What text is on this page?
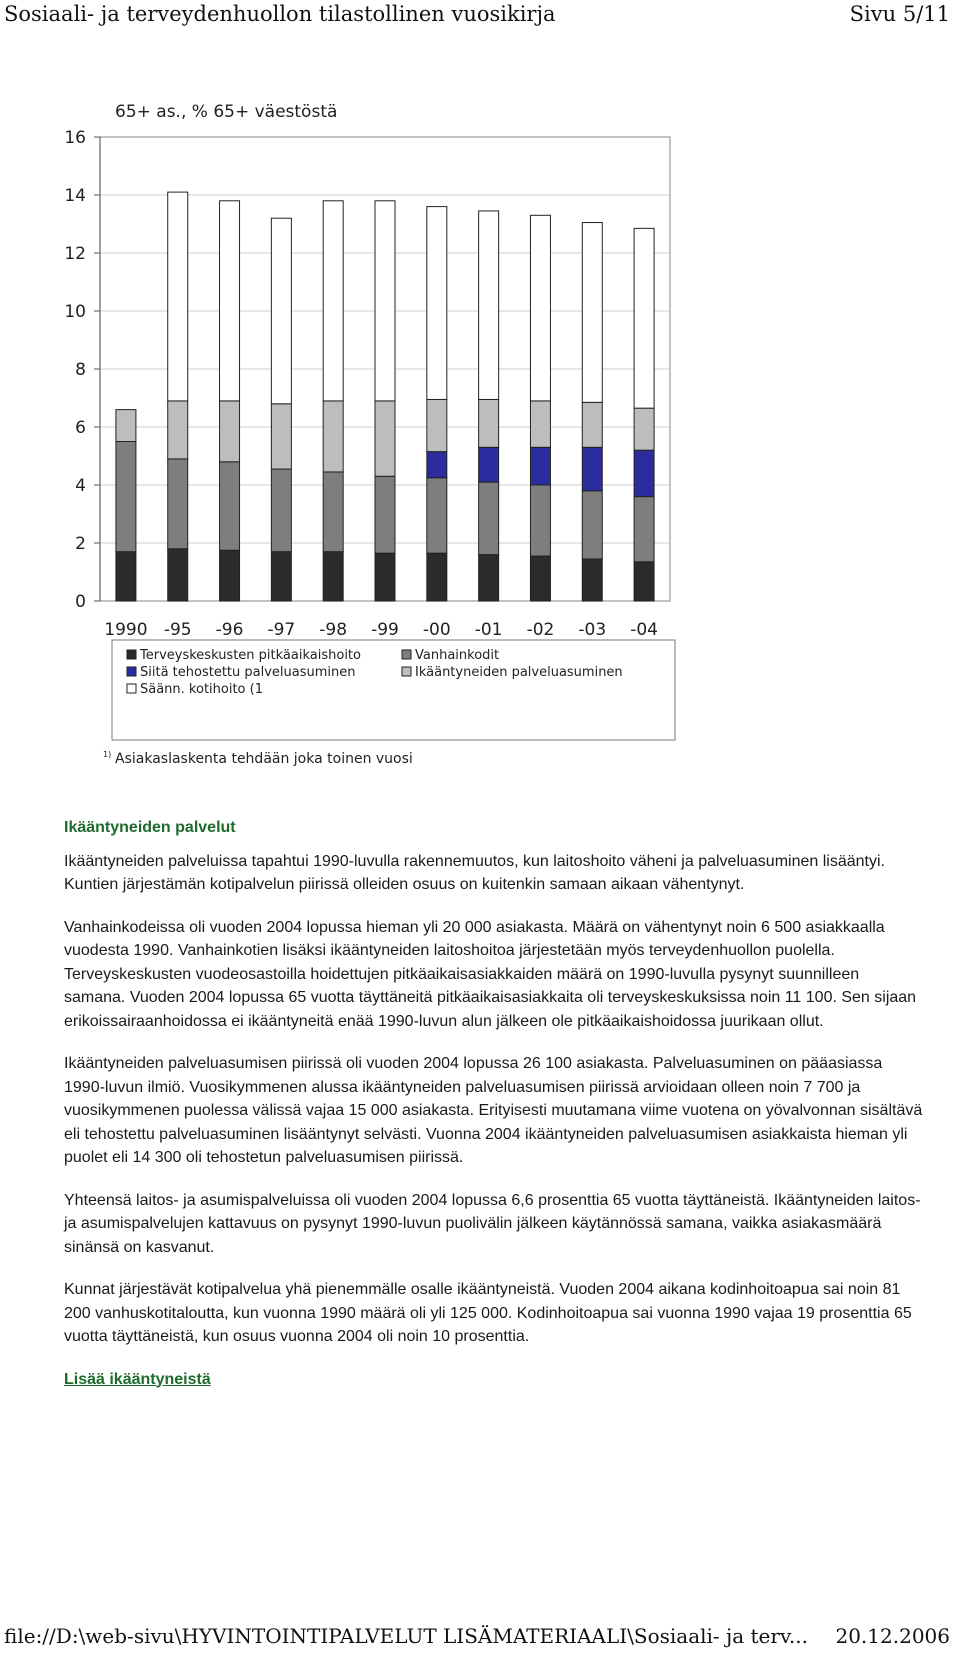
Sosiaali- ja terveydenhuollon tilastollinen vuosikirja	Sivu 5/11
65+ as., % 65+ väestöstä
0
2
4
6
8
10
12
14
16
1990 -95 -96 -97 -98 -99 -00 -01 -02 -03 -04
Terveyskeskusten pitkäaikaishoito	Vanhainkodit
Siitä tehostettu palveluasuminen	Ikääntyneiden palveluasuminen
Säänn. kotihoito (1
1) Asiakaslaskenta tehdään joka toinen vuosi
Ikääntyneiden palvelut

Ikääntyneiden palveluissa tapahtui 1990-luvulla rakennemuutos, kun laitoshoito väheni ja palveluasuminen lisääntyi. Kuntien järjestämän kotipalvelun piirissä olleiden osuus on kuitenkin samaan aikaan vähentynyt.

Vanhainkodeissa oli vuoden 2004 lopussa hieman yli 20 000 asiakasta. Määrä on vähentynyt noin 6 500 asiakkaalla vuodesta 1990. Vanhainkotien lisäksi ikääntyneiden laitoshoitoa järjestetään myös terveydenhuollon puolella. Terveyskeskusten vuodeosastoilla hoidettujen pitkäaikaisasiakkaiden määrä on 1990-luvulla pysynyt suunnilleen samana. Vuoden 2004 lopussa 65 vuotta täyttäneitä pitkäaikaisasiakkaita oli terveyskeskuksissa noin 11 100. Sen sijaan erikoissairaanhoidossa ei ikääntyneitä enää 1990-luvun alun jälkeen ole pitkäaikaishoidossa juurikaan ollut.

Ikääntyneiden palveluasumisen piirissä oli vuoden 2004 lopussa 26 100 asiakasta. Palveluasuminen on pääasiassa 1990-luvun ilmiö. Vuosikymmenen alussa ikääntyneiden palveluasumisen piirissä arvioidaan olleen noin 7 700 ja vuosikymmenen puolessa välissä vajaa 15 000 asiakasta. Erityisesti muutamana viime vuotena on yövalvonnan sisältävä eli tehostettu palveluasuminen lisääntynyt selvästi. Vuonna 2004 ikääntyneiden palveluasumisen asiakkaista hieman yli puolet eli 14 300 oli tehostetun palveluasumisen piirissä.

Yhteensä laitos- ja asumispalveluissa oli vuoden 2004 lopussa 6,6 prosenttia 65 vuotta täyttäneistä. Ikääntyneiden laitos- ja asumispalvelujen kattavuus on pysynyt 1990-luvun puolivälin jälkeen käytännössä samana, vaikka asiakasmäärä sinänsä on kasvanut.

Kunnat järjestävät kotipalvelua yhä pienemmälle osalle ikääntyneistä. Vuoden 2004 aikana kodinhoitoapua sai noin 81 200 vanhuskotitaloutta, kun vuonna 1990 määrä oli yli 125 000. Kodinhoitoapua sai vuonna 1990 vajaa 19 prosenttia 65 vuotta täyttäneistä, kun osuus vuonna 2004 oli noin 10 prosenttia.

Lisää ikääntyneistä
file://D:\web-sivu\HYVINTOINTIPALVELUT LISÄMATERIAALI\Sosiaali- ja terv... 20.12.2006
